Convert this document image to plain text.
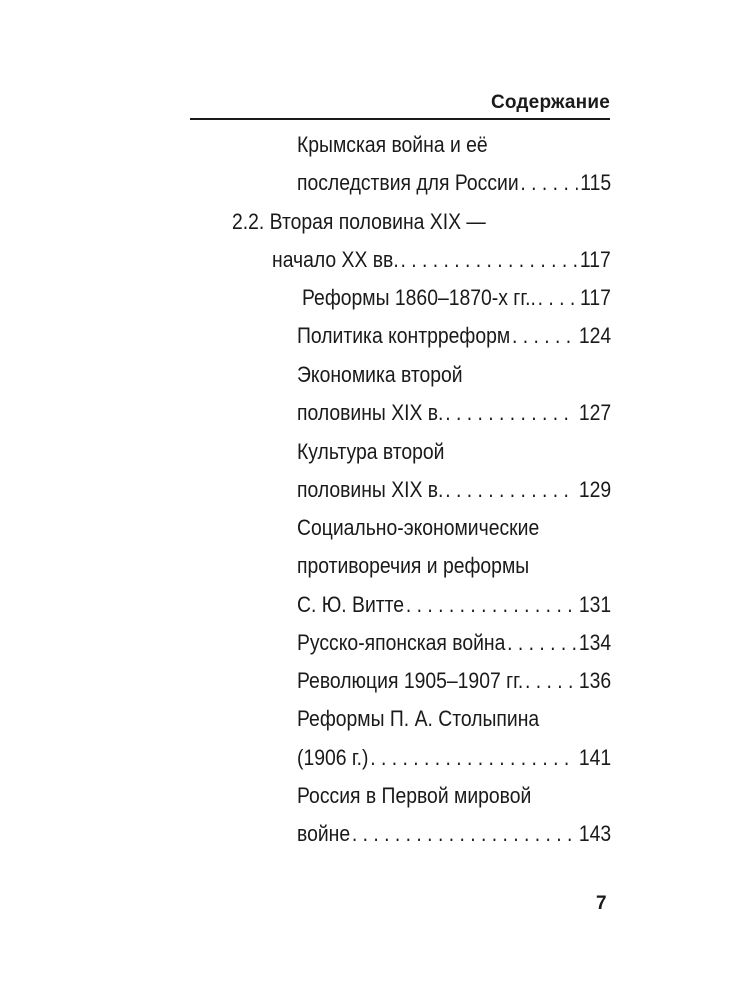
Содержание
Крымская война и её
последствия для России . . .	115
2.2. Вторая половина XIX —
начало XX вв. . . .	117
Реформы 1860–1870-х гг.. . . . 117
Политика контрреформ . . .	124
Экономика второй
половины XIX в. . . .	127
Культура второй
половины XIX в. . . .	129
Социально-экономические
противоречия и реформы
С. Ю. Витте . . .	131
Русско-японская война . . .	134
Революция 1905–1907 гг. . . .	136
Реформы П. А. Столыпина
(1906 г.) . . .	141
Россия в Первой мировой
войне . . .	143
7
